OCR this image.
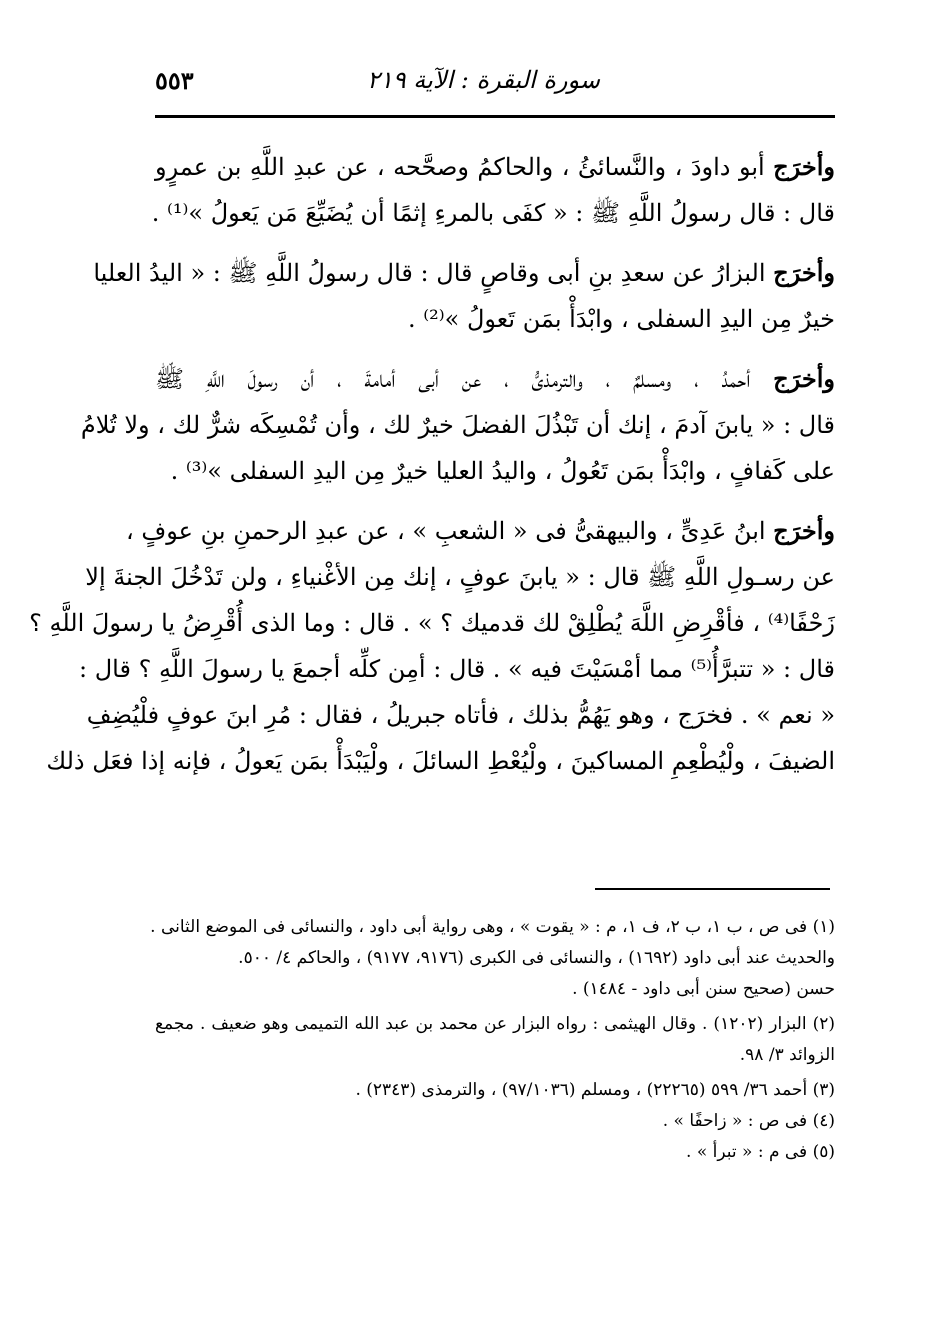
سورة البقرة : الآية ٢١٩
٥٥٣
وأخرَج أبو داودَ ، والنَّسائئُ ، والحاكمُ وصحَّحه ، عن عبدِ اللَّهِ بن عمرٍو
قال : قال رسولُ اللَّهِ ﷺ : « كفَى بالمرءِ إثمًا أن يُضَيِّعَ مَن يَعولُ »⁽¹⁾ .
وأخرَج البزارُ عن سعدِ بنِ أبى وقاصٍ قال : قال رسولُ اللَّهِ ﷺ : « اليدُ العليا
خيرٌ مِن اليدِ السفلى ، وابْدَأْ بمَن تَعولُ »⁽²⁾ .
وأخرَج أحمدُ ، ومسلمٌ ، والترمذىُّ ، عن أبى أمامةَ ، أن رسولَ اللَّهِ ﷺ
قال : « يابنَ آدمَ ، إنك أن تَبْذُلَ الفضلَ خيرٌ لك ، وأن تُمْسِكَه شرٌّ لك ، ولا تُلامُ
على كَفافٍ ، وابْدَأْ بمَن تَعُولُ ، واليدُ العليا خيرٌ مِن اليدِ السفلى »⁽³⁾ .
وأخرَج ابنُ عَدِىٍّ ، والبيهقىُّ فى « الشعبِ » ، عن عبدِ الرحمنِ بنِ عوفٍ ،
عن رسـولِ اللَّهِ ﷺ قال : « يابنَ عوفٍ ، إنك مِن الأغْنياءِ ، ولن تَدْخُلَ الجنةَ إلا
زَحْفًا⁽⁴⁾ ، فأقْرِضِ اللَّهَ يُطْلِقْ لك قدميك ؟ » . قال : وما الذى أُقْرِضُ يا رسولَ اللَّهِ ؟
قال : « تتبرَّأُ⁽⁵⁾ مما أمْسَيْتَ فيه » . قال : أمِن كلِّه أجمعَ يا رسولَ اللَّهِ ؟ قال :
« نعم » . فخرَج ، وهو يَهُمُّ بذلك ، فأتاه جبريلُ ، فقال : مُرِ ابنَ عوفٍ فلْيُضِفِ
الضيفَ ، ولْيُطْعِمِ المساكينَ ، ولْيُعْطِ السائلَ ، ولْيَبْدَأْ بمَن يَعولُ ، فإنه إذا فعَل ذلك
(١) فى ص ، ب ١، ب ٢، ف ١، م : « يقوت » ، وهى رواية أبى داود ، والنسائى فى الموضع الثانى .
والحديث عند أبى داود (١٦٩٢) ، والنسائى فى الكبرى (٩١٧٦، ٩١٧٧) ، والحاكم ٤/ ٥٠٠.
حسن (صحيح سنن أبى داود - ١٤٨٤) .
(٢) البزار (١٢٠٢) . وقال الهيثمى : رواه البزار عن محمد بن عبد الله التميمى وهو ضعيف . مجمع
الزوائد ٣/ ٩٨.
(٣) أحمد ٣٦/ ٥٩٩ (٢٢٢٦٥) ، ومسلم (٩٧/١٠٣٦) ، والترمذى (٢٣٤٣) .
(٤) فى ص : « زاحفًا » .
(٥) فى م : « تبرأ » .
